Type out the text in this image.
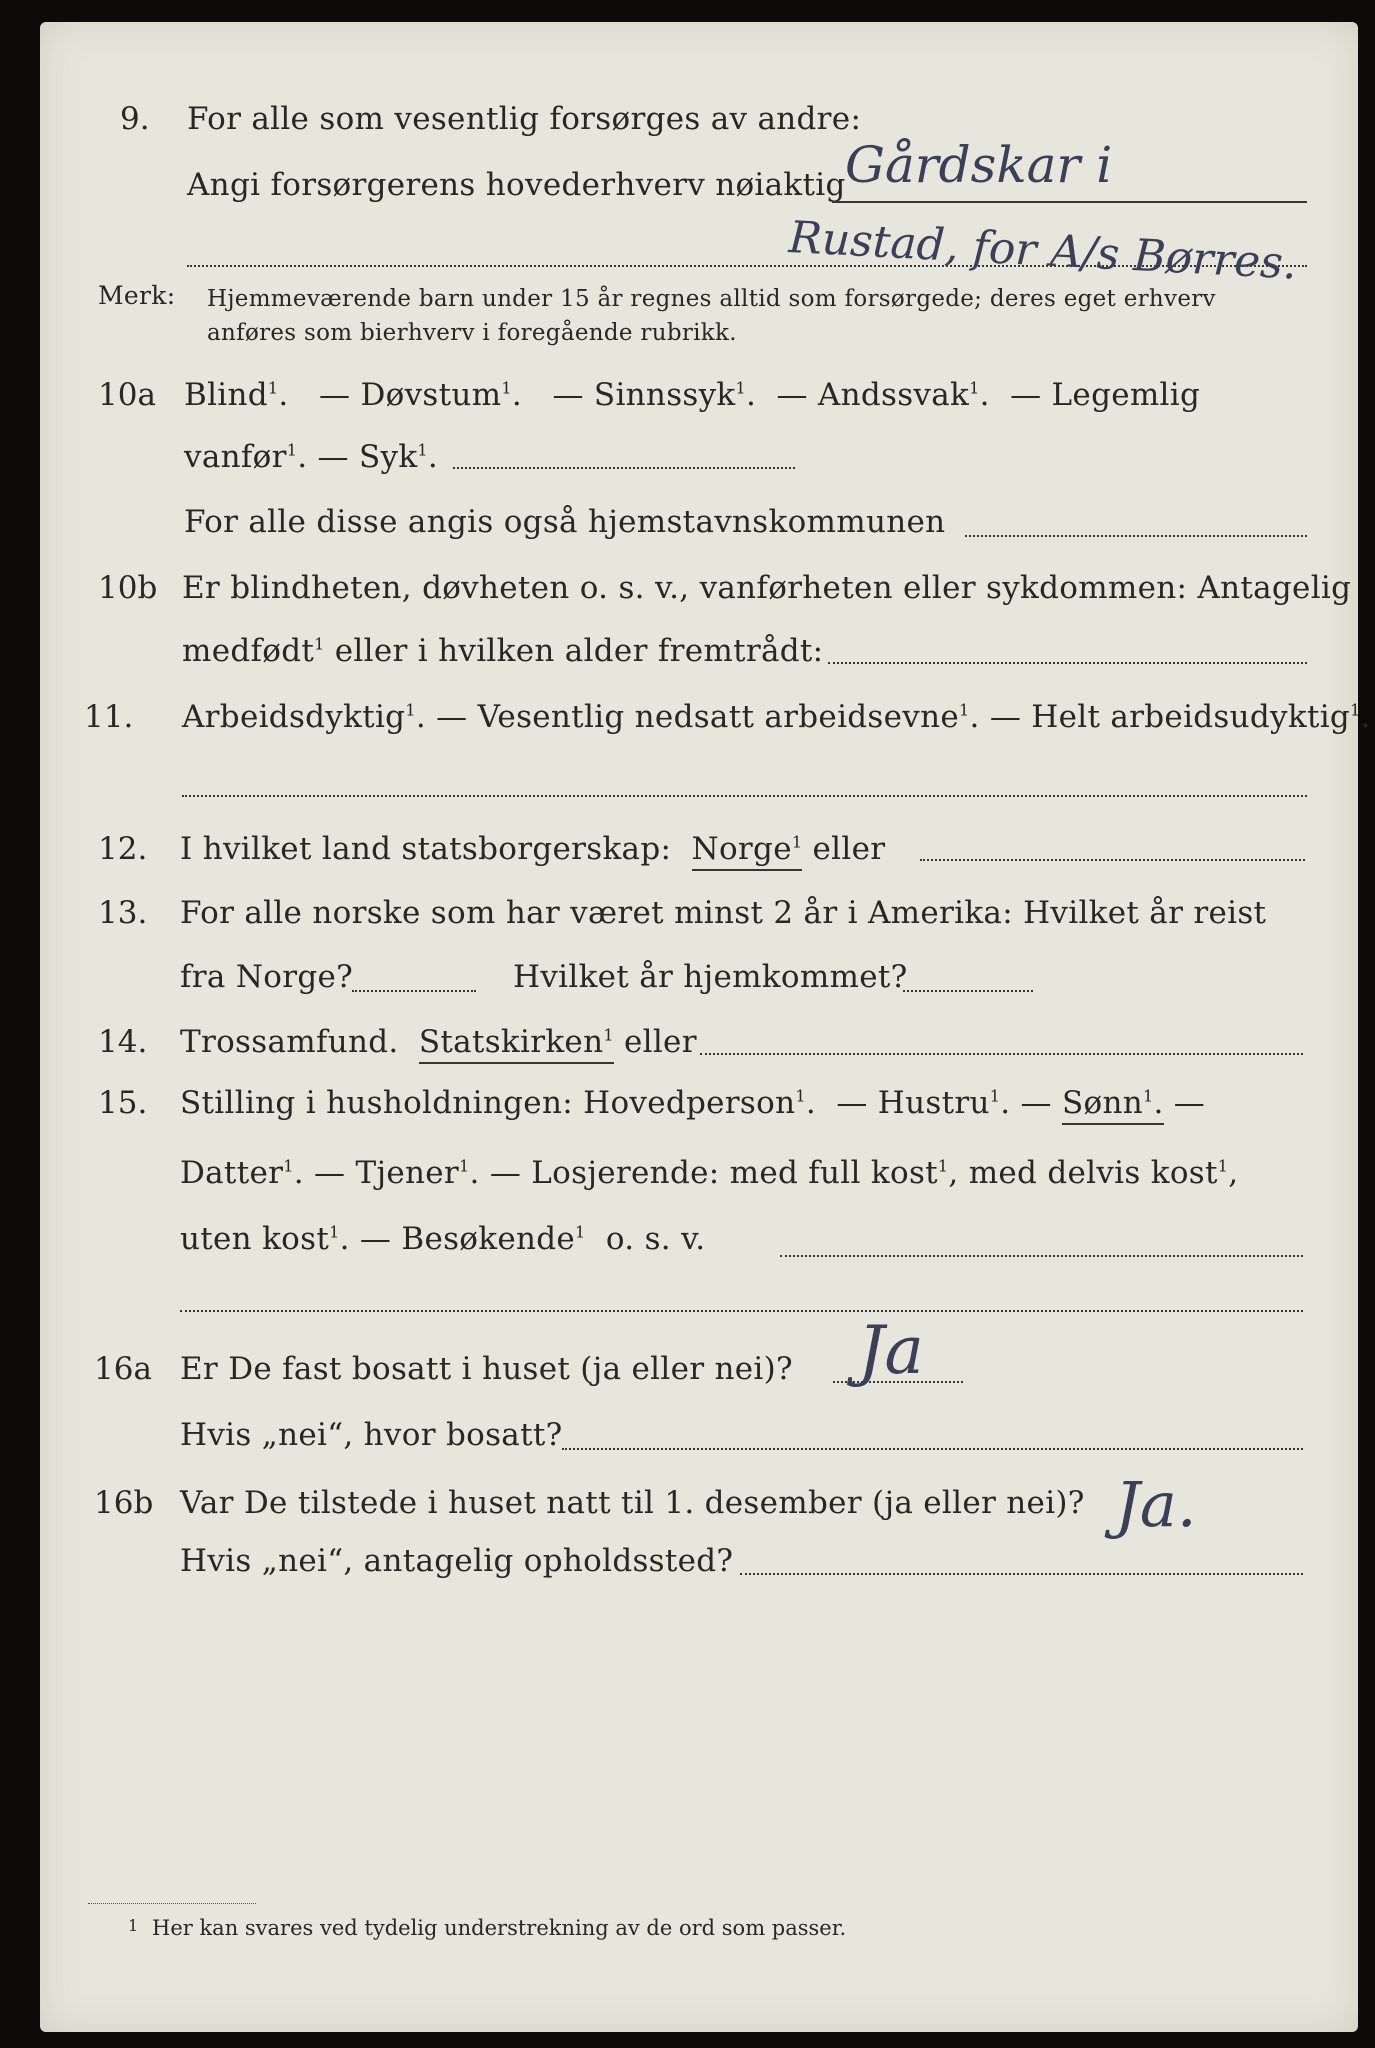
9. For alle som vesentlig forsørges av andre:
Angi forsørgerens hovederhverv nøiaktig Gårdskar i
Rustad, for A/s Børres.
Merk: Hjemmeværende barn under 15 år regnes alltid som forsørgede; deres eget erhverv
anføres som bierhverv i foregående rubrikk.
10a Blind$^1$.   — Døvstum$^1$.   — Sinnssyk$^1$.  — Andssvak$^1$.  — Legemlig
vanfør$^1$. — Syk$^1$.
For alle disse angis også hjemstavnskommunen
10b Er blindheten, døvheten o. s. v., vanførheten eller sykdommen: Antagelig
medfødt$^1$ eller i hvilken alder fremtrådt:
11. Arbeidsdyktig$^1$. — Vesentlig nedsatt arbeidsevne$^1$. — Helt arbeidsudyktig$^1$.
12. I hvilket land statsborgerskap: Norge$^1$ eller
13. For alle norske som har været minst 2 år i Amerika: Hvilket år reist
fra Norge?	Hvilket år hjemkommet?
14. Trossamfund. Statskirken$^1$ eller
15. Stilling i husholdningen: Hovedperson$^1$.  — Hustru$^1$. — Sønn$^1$. —
Datter$^1$. — Tjener$^1$. — Losjerende: med full kost$^1$, med delvis kost$^1$,
uten kost$^1$. — Besøkende$^1$ o. s. v.
16a Er De fast bosatt i huset (ja eller nei)? Ja
Hvis „nei“, hvor bosatt?
16b Var De tilstede i huset natt til 1. desember (ja eller nei)? Ja.
Hvis „nei“, antagelig opholdssted?
1 Her kan svares ved tydelig understrekning av de ord som passer.
